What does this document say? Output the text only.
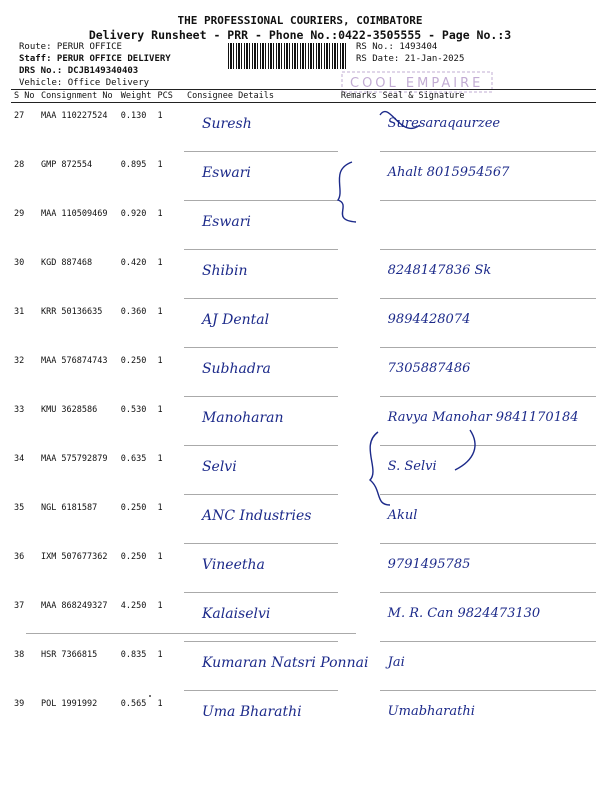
THE PROFESSIONAL COURIERS, COIMBATORE
Delivery Runsheet - PRR - Phone No.:0422-3505555 - Page No.:3
Route: PERUR OFFICE
Staff: PERUR OFFICE DELIVERY
DRS No.: DCJB149340403
Vehicle: Office Delivery
RS No.: 1493404
RS Date: 21-Jan-2025
COOL EMPAIRE
S No	Consignment No	Weight	PCS	Consignee Details	Remarks	Seal & Signature
27	MAA 110227524	0.130	1	Suresh		Suresaraqaurzee

28	GMP 872554	0.895	1	Eswari		Ahalt 8015954567

29	MAA 110509469	0.920	1	Eswari		

30	KGD 887468	0.420	1	Shibin		8248147836 Sk

31	KRR 50136635	0.360	1	AJ Dental		9894428074

32	MAA 576874743	0.250	1	Subhadra		7305887486

33	KMU 3628586	0.530	1	Manoharan		Ravya Manohar 9841170184

34	MAA 575792879	0.635	1	Selvi		S. Selvi

35	NGL 6181587	0.250	1	ANC Industries		Akul

36	IXM 507677362	0.250	1	Vineetha		9791495785

37	MAA 868249327	4.250	1	Kalaiselvi		M. R. Can 9824473130

38	HSR 7366815	0.835	1	Kumaran Natsri Ponnai		Jai

39	POL 1991992	0.565	1	Uma Bharathi		Umabharathi
